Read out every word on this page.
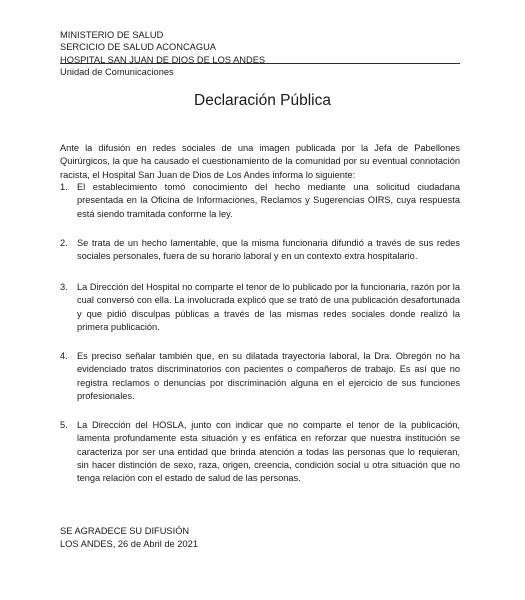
MINISTERIO DE SALUD
SERCICIO DE SALUD ACONCAGUA
HOSPITAL SAN JUAN DE DIOS DE LOS ANDES
Unidad de Comunicaciones
Declaración Pública
Ante la difusión en redes sociales de una imagen publicada por la Jefa de Pabellones Quirúrgicos, la que ha causado el cuestionamiento de la comunidad por su eventual connotación racista, el Hospital San Juan de Dios de Los Andes informa lo siguiente:
1.	El establecimiento tomó conocimiento del hecho mediante una solicitud ciudadana presentada en la Oficina de Informaciones, Reclamos y Sugerencias OIRS, cuya respuesta está siendo tramitada conforme la ley.
2.	Se trata de un hecho lamentable, que la misma funcionaria difundió a través de sus redes sociales personales, fuera de su horario laboral y en un contexto extra hospitalario.
3.	La Dirección del Hospital no comparte el tenor de lo publicado por la funcionaria, razón por la cual conversó con ella. La involucrada explicó que se trató de una publicación desafortunada y que pidió disculpas públicas a través de las mismas redes sociales donde realizó la primera publicación.
4.	Es preciso señalar también que, en su dilatada trayectoria laboral, la Dra. Obregón no ha evidenciado tratos discriminatorios con pacientes o compañeros de trabajo. Es así que no registra reclamos o denuncias por discriminación alguna en el ejercicio de sus funciones profesionales.
5.	La Dirección del HOSLA, junto con indicar que no comparte el tenor de la publicación, lamenta profundamente esta situación y es enfática en reforzar que nuestra institución se caracteriza por ser una entidad que brinda atención a todas las personas que lo requieran, sin hacer distinción de sexo, raza, origen, creencia, condición social u otra situación que no tenga relación con el estado de salud de las personas.
SE AGRADECE SU DIFUSIÓN
LOS ANDES, 26 de Abril de 2021
